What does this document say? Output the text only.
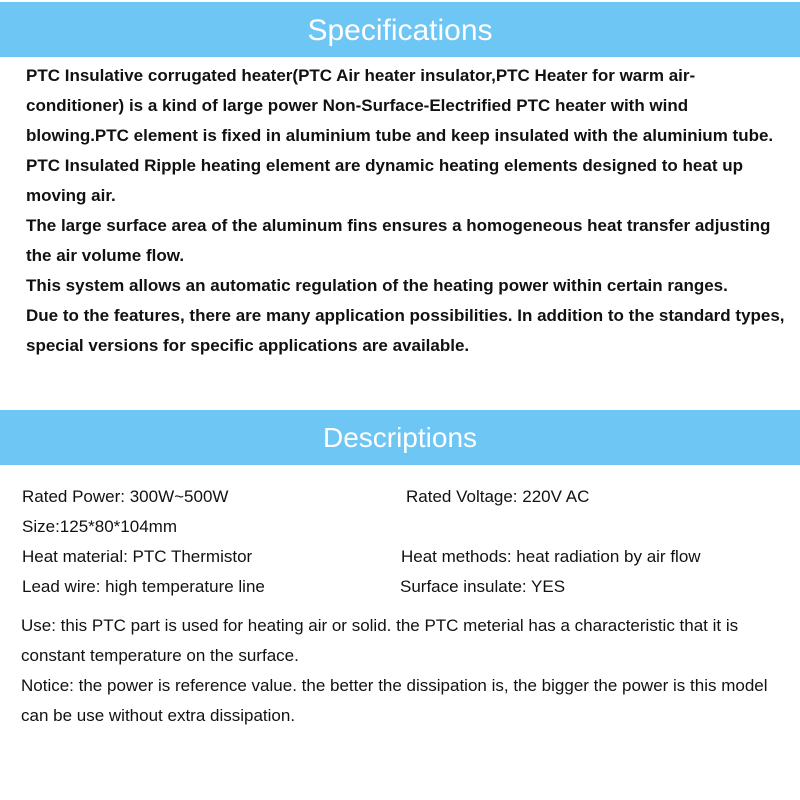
Specifications

PTC Insulative corrugated heater(PTC Air heater insulator,PTC Heater for warm air-conditioner) is a kind of large power Non-Surface-Electrified PTC heater with wind blowing.PTC element is fixed in aluminium tube and keep insulated with the aluminium tube.

PTC Insulated Ripple heating element are dynamic heating elements designed to heat up moving air.

The large surface area of the aluminum fins ensures a homogeneous heat transfer adjusting the air volume flow.

This system allows an automatic regulation of the heating power within certain ranges.

Due to the features, there are many application possibilities. In addition to the standard types, special versions for specific applications are available.

Descriptions
Rated Power: 300W~500W	Rated Voltage: 220V AC
Size:125*80*104mm
Heat material: PTC Thermistor	Heat methods: heat radiation by air flow
Lead wire: high temperature line	Surface insulate: YES

Use: this PTC part is used for heating air or solid. the PTC meterial has a characteristic that it is constant temperature on the surface.

Notice: the power is reference value. the better the dissipation is, the bigger the power is this model can be use without extra dissipation.
